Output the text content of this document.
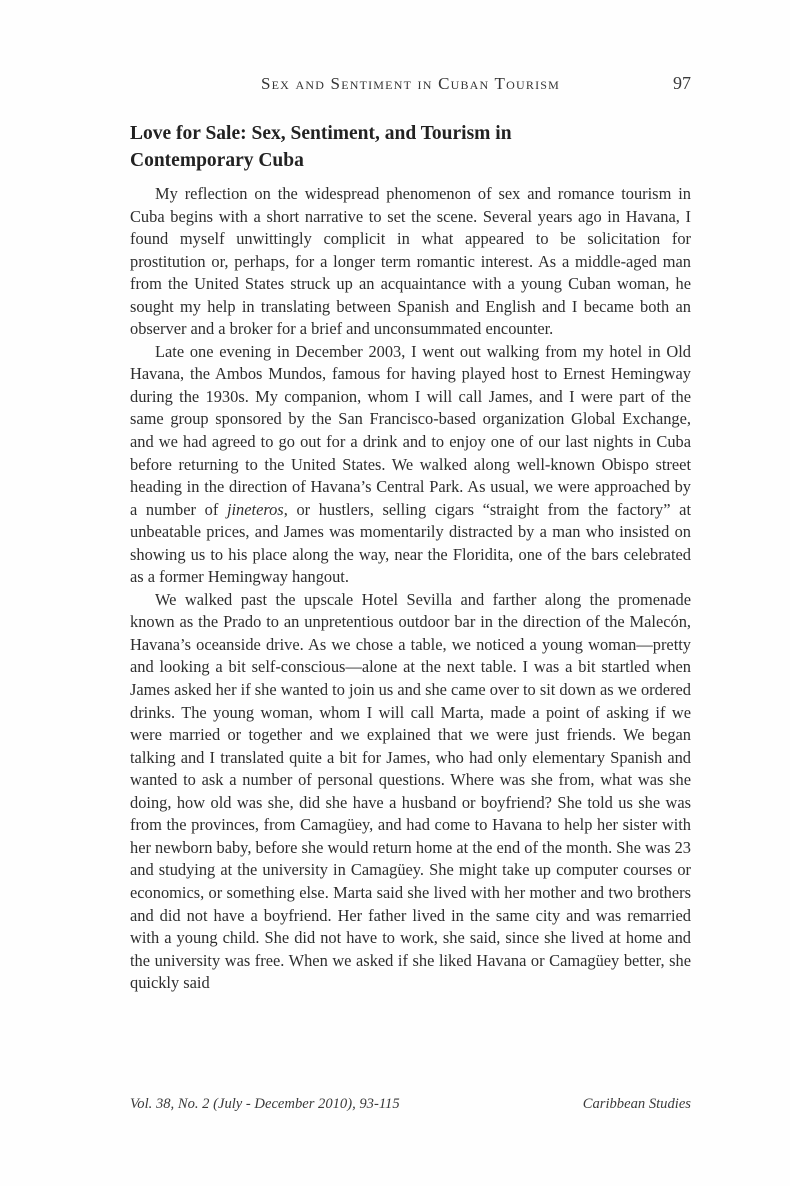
Sex and Sentiment in Cuban Tourism	97
Love for Sale: Sex, Sentiment, and Tourism in
Contemporary Cuba

My reflection on the widespread phenomenon of sex and romance tourism in Cuba begins with a short narrative to set the scene. Several years ago in Havana, I found myself unwittingly complicit in what appeared to be solicitation for prostitution or, perhaps, for a longer term romantic interest. As a middle-aged man from the United States struck up an acquaintance with a young Cuban woman, he sought my help in translating between Spanish and English and I became both an observer and a broker for a brief and unconsummated encounter.

Late one evening in December 2003, I went out walking from my hotel in Old Havana, the Ambos Mundos, famous for having played host to Ernest Hemingway during the 1930s. My companion, whom I will call James, and I were part of the same group sponsored by the San Francisco-based organization Global Exchange, and we had agreed to go out for a drink and to enjoy one of our last nights in Cuba before returning to the United States. We walked along well-known Obispo street heading in the direction of Havana’s Central Park. As usual, we were approached by a number of jineteros, or hustlers, selling cigars “straight from the factory” at unbeatable prices, and James was momentarily distracted by a man who insisted on showing us to his place along the way, near the Floridita, one of the bars celebrated as a former Hemingway hangout.

We walked past the upscale Hotel Sevilla and farther along the promenade known as the Prado to an unpretentious outdoor bar in the direction of the Malecón, Havana’s oceanside drive. As we chose a table, we noticed a young woman—pretty and looking a bit self-conscious—alone at the next table. I was a bit startled when James asked her if she wanted to join us and she came over to sit down as we ordered drinks. The young woman, whom I will call Marta, made a point of asking if we were married or together and we explained that we were just friends. We began talking and I translated quite a bit for James, who had only elementary Spanish and wanted to ask a number of personal questions. Where was she from, what was she doing, how old was she, did she have a husband or boyfriend? She told us she was from the provinces, from Camagüey, and had come to Havana to help her sister with her newborn baby, before she would return home at the end of the month. She was 23 and studying at the university in Camagüey. She might take up computer courses or economics, or something else. Marta said she lived with her mother and two brothers and did not have a boyfriend. Her father lived in the same city and was remarried with a young child. She did not have to work, she said, since she lived at home and the university was free. When we asked if she liked Havana or Camagüey better, she quickly said

Vol. 38, No. 2 (July - December 2010), 93-115	Caribbean Studies
